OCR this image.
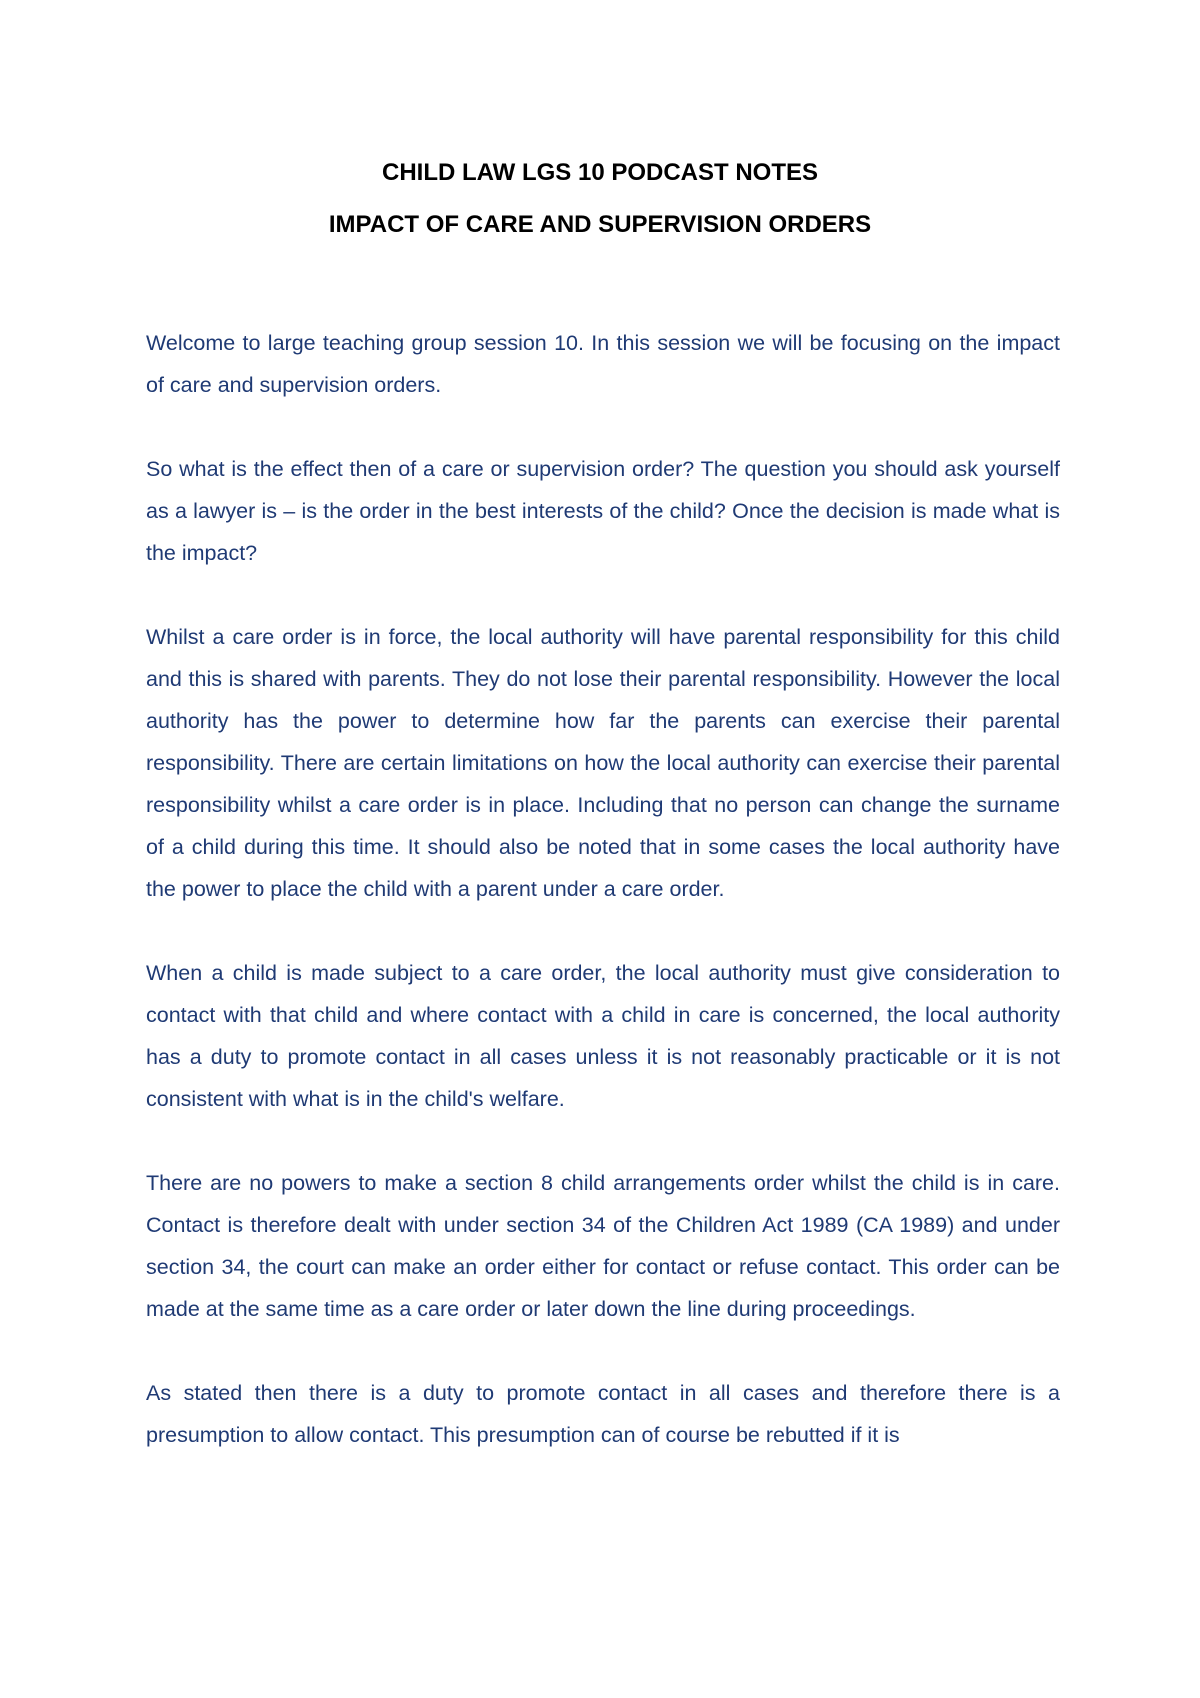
CHILD LAW LGS 10 PODCAST NOTES
IMPACT OF CARE AND SUPERVISION ORDERS

Welcome to large teaching group session 10. In this session we will be focusing on the impact of care and supervision orders.

So what is the effect then of a care or supervision order? The question you should ask yourself as a lawyer is – is the order in the best interests of the child? Once the decision is made what is the impact?

Whilst a care order is in force, the local authority will have parental responsibility for this child and this is shared with parents. They do not lose their parental responsibility. However the local authority has the power to determine how far the parents can exercise their parental responsibility. There are certain limitations on how the local authority can exercise their parental responsibility whilst a care order is in place. Including that no person can change the surname of a child during this time. It should also be noted that in some cases the local authority have the power to place the child with a parent under a care order.

When a child is made subject to a care order, the local authority must give consideration to contact with that child and where contact with a child in care is concerned, the local authority has a duty to promote contact in all cases unless it is not reasonably practicable or it is not consistent with what is in the child's welfare.

There are no powers to make a section 8 child arrangements order whilst the child is in care. Contact is therefore dealt with under section 34 of the Children Act 1989 (CA 1989) and under section 34, the court can make an order either for contact or refuse contact. This order can be made at the same time as a care order or later down the line during proceedings.

As stated then there is a duty to promote contact in all cases and therefore there is a presumption to allow contact. This presumption can of course be rebutted if it is
